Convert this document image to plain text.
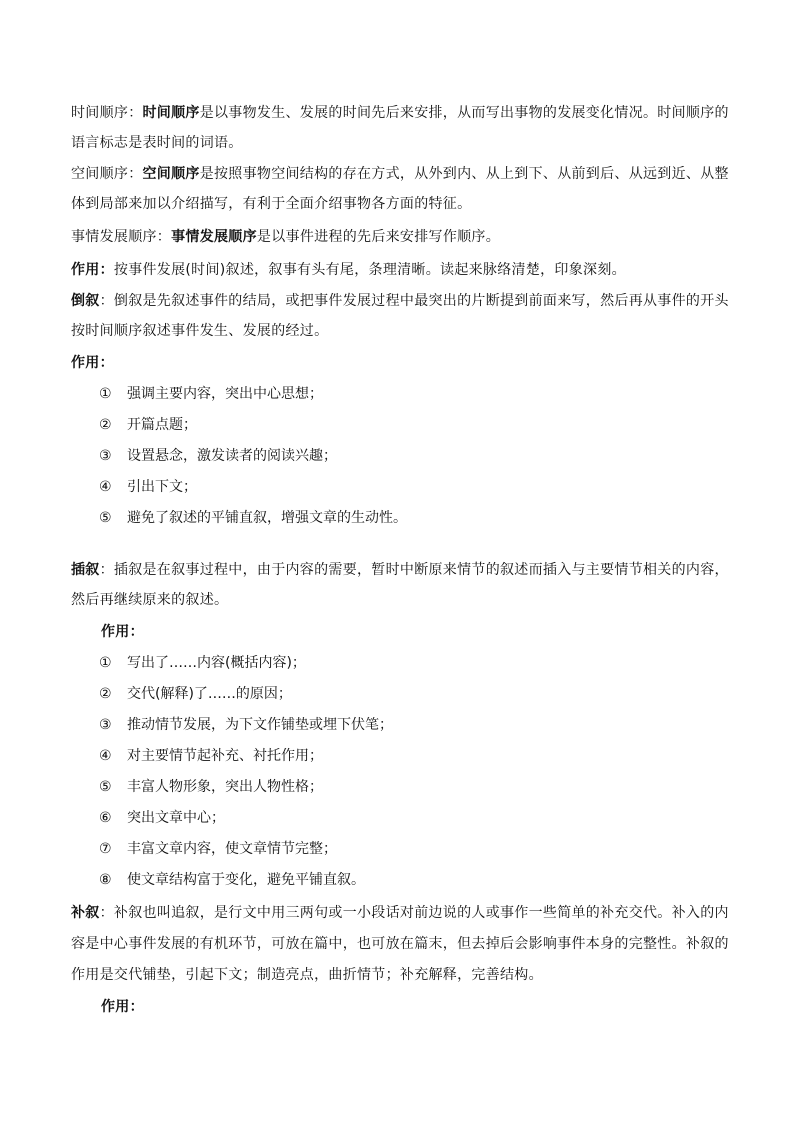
时间顺序：时间顺序是以事物发生、发展的时间先后来安排，从而写出事物的发展变化情况。时间顺序的
语言标志是表时间的词语。
空间顺序：空间顺序是按照事物空间结构的存在方式，从外到内、从上到下、从前到后、从远到近、从整
体到局部来加以介绍描写，有利于全面介绍事物各方面的特征。
事情发展顺序：事情发展顺序是以事件进程的先后来安排写作顺序。
作用：按事件发展(时间)叙述，叙事有头有尾，条理清晰。读起来脉络清楚，印象深刻。
倒叙：倒叙是先叙述事件的结局，或把事件发展过程中最突出的片断提到前面来写，然后再从事件的开头
按时间顺序叙述事件发生、发展的经过。
作用：
① 强调主要内容，突出中心思想；
② 开篇点题；
③ 设置悬念，激发读者的阅读兴趣；
④ 引出下文；
⑤ 避免了叙述的平铺直叙，增强文章的生动性。
插叙：插叙是在叙事过程中，由于内容的需要，暂时中断原来情节的叙述而插入与主要情节相关的内容，
然后再继续原来的叙述。
作用：
① 写出了……内容(概括内容)；
② 交代(解释)了……的原因；
③ 推动情节发展，为下文作铺垫或埋下伏笔；
④ 对主要情节起补充、衬托作用；
⑤ 丰富人物形象，突出人物性格；
⑥ 突出文章中心；
⑦ 丰富文章内容，使文章情节完整；
⑧ 使文章结构富于变化，避免平铺直叙。
补叙：补叙也叫追叙，是行文中用三两句或一小段话对前边说的人或事作一些简单的补充交代。补入的内
容是中心事件发展的有机环节，可放在篇中，也可放在篇末，但去掉后会影响事件本身的完整性。补叙的
作用是交代铺垫，引起下文；制造亮点，曲折情节；补充解释，完善结构。
作用：
